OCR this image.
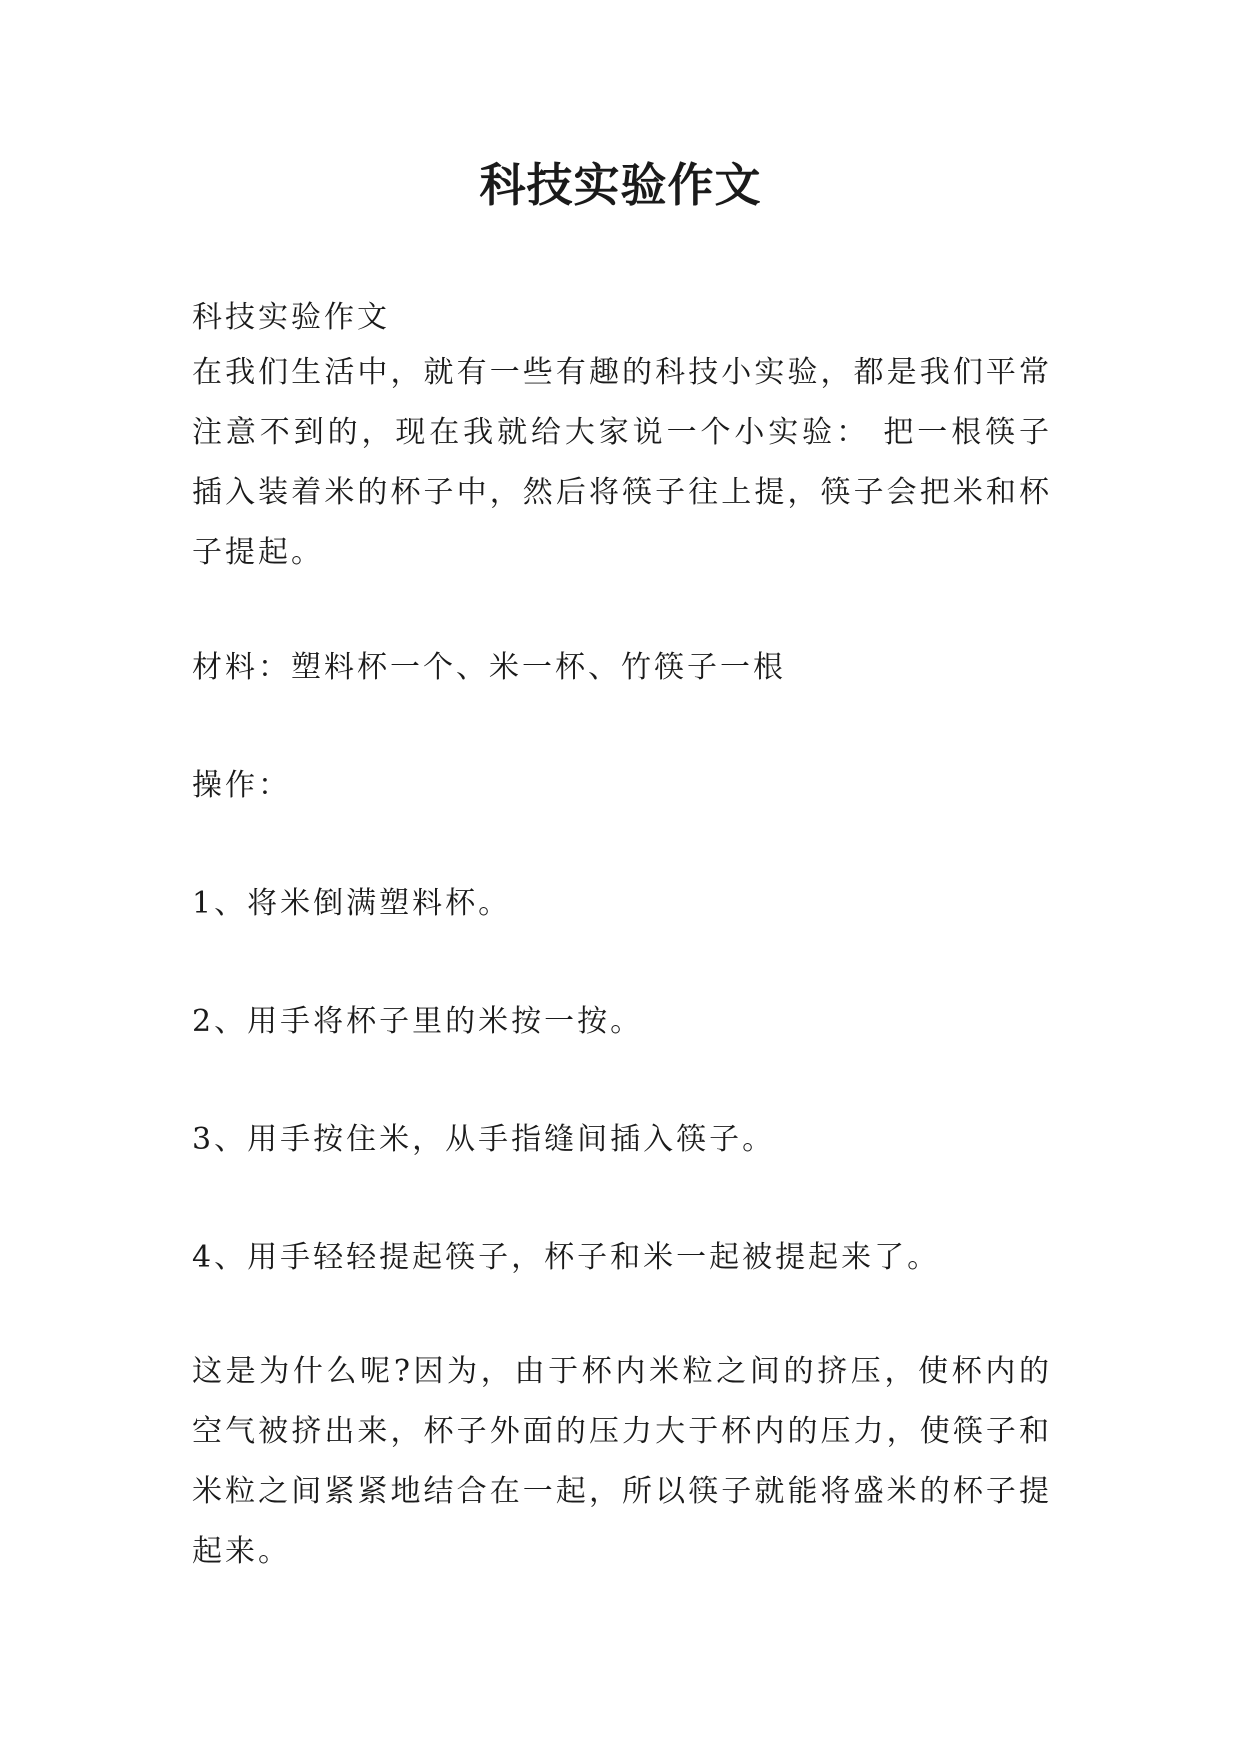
科技实验作文

科技实验作文

在我们生活中，就有一些有趣的科技小实验，都是我们平常注意不到的，现在我就给大家说一个小实验： 把一根筷子插入装着米的杯子中，然后将筷子往上提，筷子会把米和杯子提起。

材料：塑料杯一个、米一杯、竹筷子一根

操作：

1、将米倒满塑料杯。

2、用手将杯子里的米按一按。

3、用手按住米，从手指缝间插入筷子。

4、用手轻轻提起筷子，杯子和米一起被提起来了。

这是为什么呢?因为，由于杯内米粒之间的挤压，使杯内的空气被挤出来，杯子外面的压力大于杯内的压力，使筷子和米粒之间紧紧地结合在一起，所以筷子就能将盛米的杯子提起来。
